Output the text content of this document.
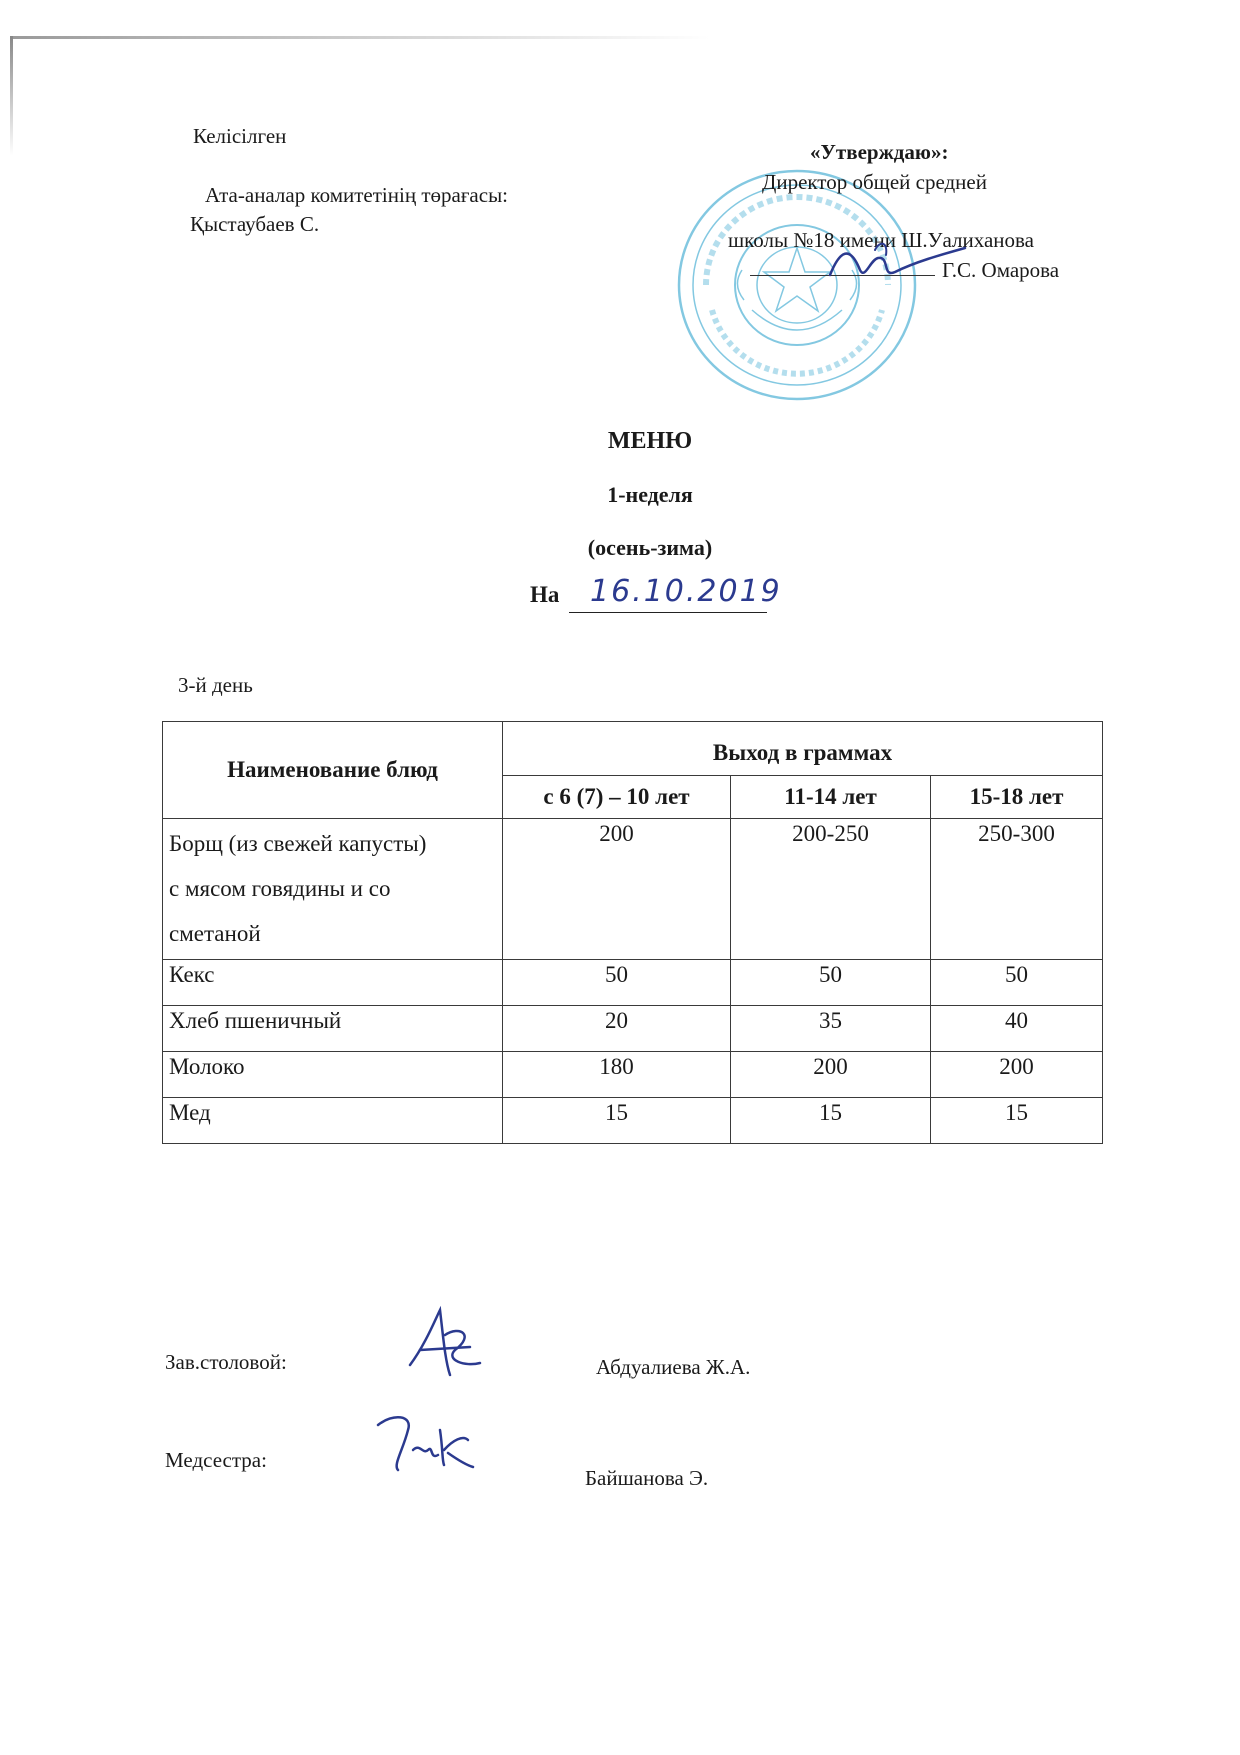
Келісілген
Ата-аналар комитетінің төрағасы:
Қыстаубаев С.
«Утверждаю»:
Директор общей средней
школы №18 имени Ш.Уалиханова
Г.С. Омарова
МЕНЮ
1-неделя
(осень-зима)
На 16.10.2019
3-й день
Наименование блюд	Выход в граммах		
	с 6 (7) – 10 лет	11-14 лет	15-18 лет
Борщ (из свежей капусты)
с мясом говядины и со
сметаной	200	200-250	250-300
Кекс	50	50	50
Хлеб пшеничный	20	35	40
Молоко	180	200	200
Мед	15	15	15
Зав.столовой:	Абдуалиева Ж.А.
Медсестра:
Байшанова Э.
